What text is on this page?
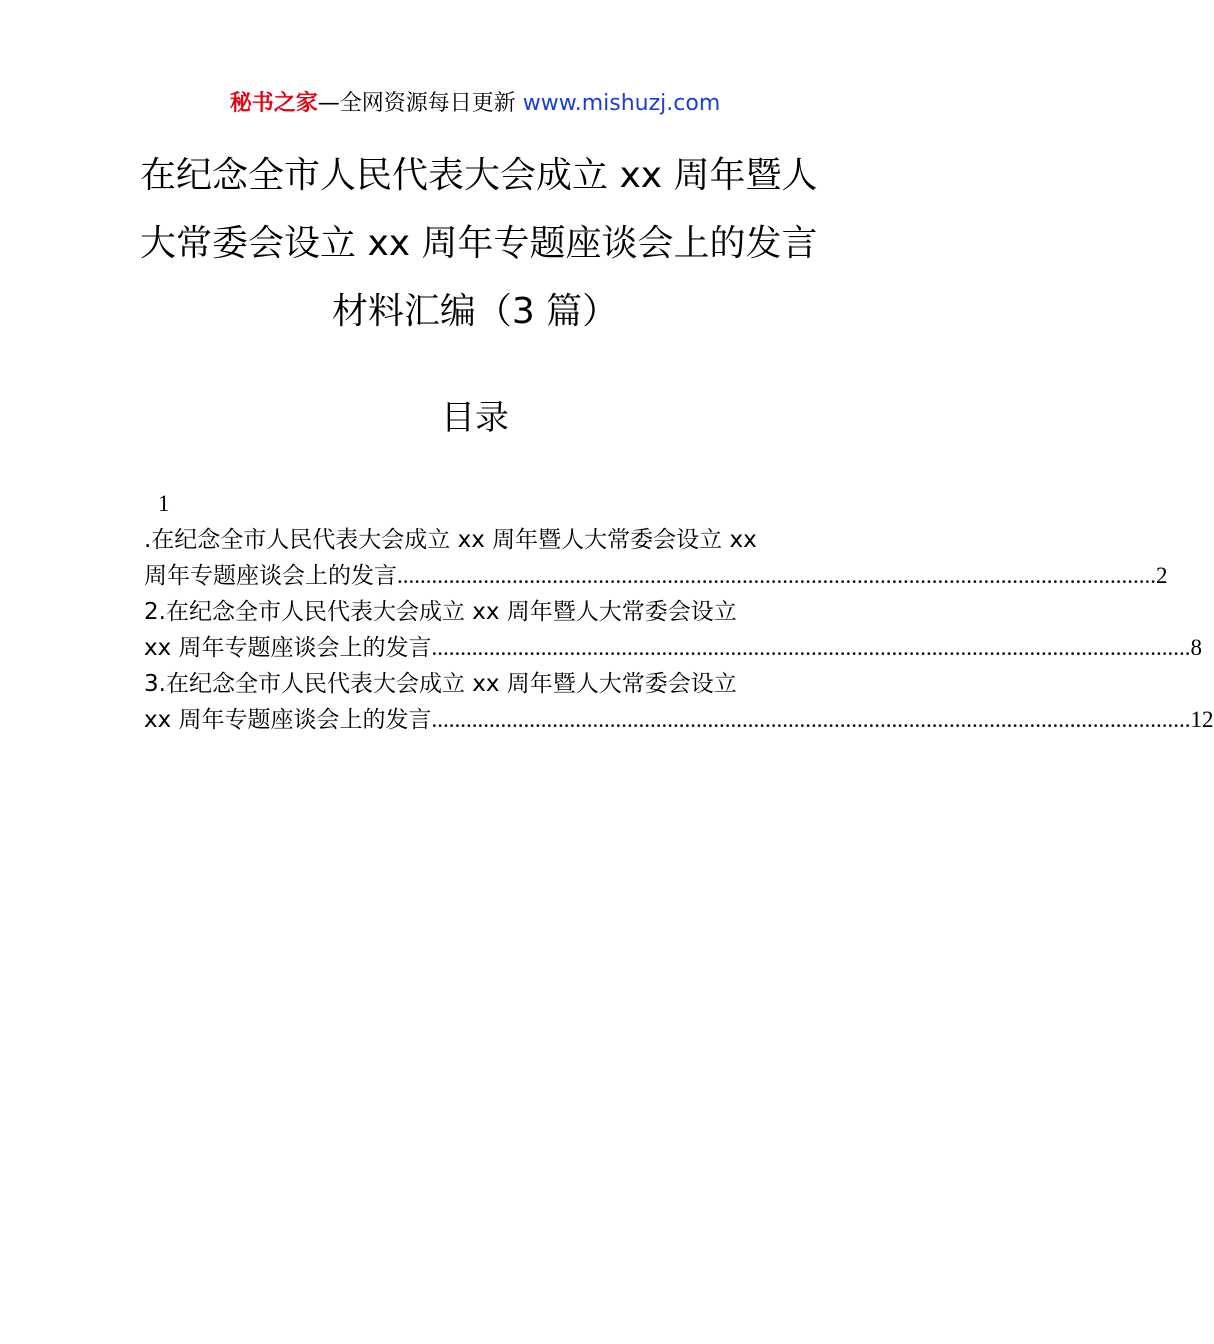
秘书之家—全网资源每日更新 www.mishuzj.com
在纪念全市人民代表大会成立 xx 周年暨人
大常委会设立 xx 周年专题座谈会上的发言
材料汇编（3 篇）
目录
1
.在纪念全市人民代表大会成立 xx 周年暨人大常委会设立 xx
周年专题座谈会上的发言 .................................................................................................................................... 2
2.在纪念全市人民代表大会成立 xx 周年暨人大常委会设立
xx 周年专题座谈会上的发言 .................................................................................................................................... 8
3.在纪念全市人民代表大会成立 xx 周年暨人大常委会设立
xx 周年专题座谈会上的发言 .................................................................................................................................... 12
